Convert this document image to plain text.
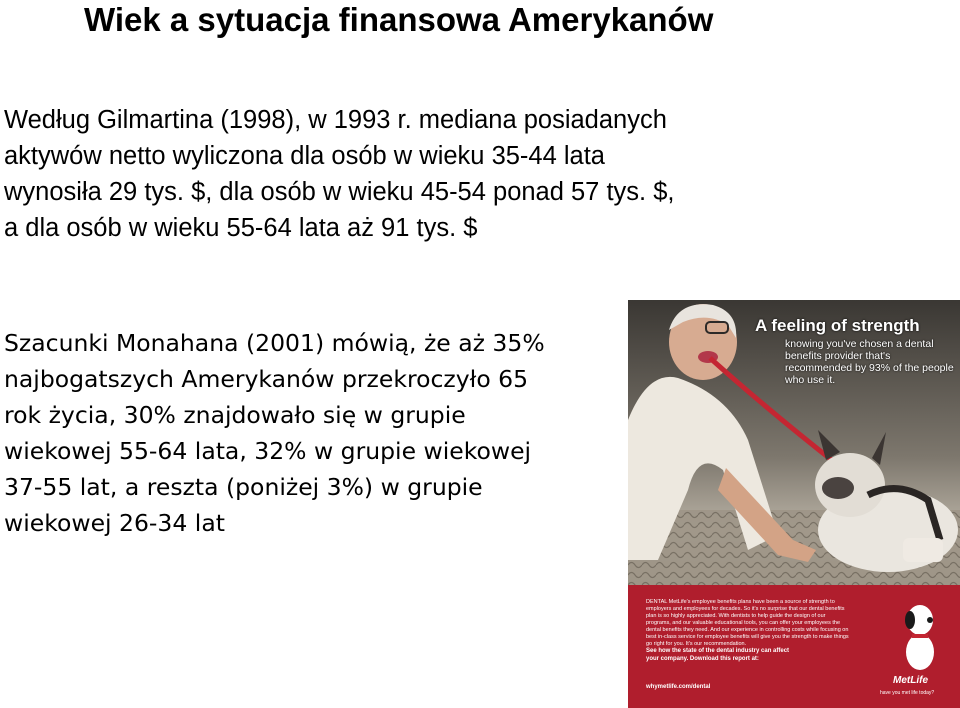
Wiek a sytuacja finansowa Amerykanów
Według Gilmartina (1998), w 1993 r. mediana posiadanych
aktywów netto wyliczona dla osób w wieku 35-44 lata
wynosiła 29 tys. $, dla osób w wieku 45-54 ponad 57 tys. $,
a dla osób w wieku 55-64 lata aż 91 tys. $
Szacunki Monahana (2001) mówią, że aż 35%
najbogatszych Amerykanów przekroczyło 65
rok życia, 30% znajdowało się w grupie
wiekowej 55-64 lata, 32% w grupie wiekowej
37-55 lat, a reszta (poniżej 3%) w grupie
wiekowej 26-34 lat
A feeling of strength
knowing you've chosen a dental benefits provider that's recommended by 93% of the people who use it.
DENTAL MetLife's employee benefits plans have been a source of strength to employers and employees for decades. So it's no surprise that our dental benefits plan is so highly appreciated. With dentists to help guide the design of our programs, and our valuable educational tools, you can offer your employees the dental benefits they need. And our experience in controlling costs while focusing on best in-class service for employee benefits will give you the strength to make things go right for you. It's our recommendation.
See how the state of the dental industry can affect your company. Download this report at:
whymetlife.com/dental
MetLife
have you met life today?
